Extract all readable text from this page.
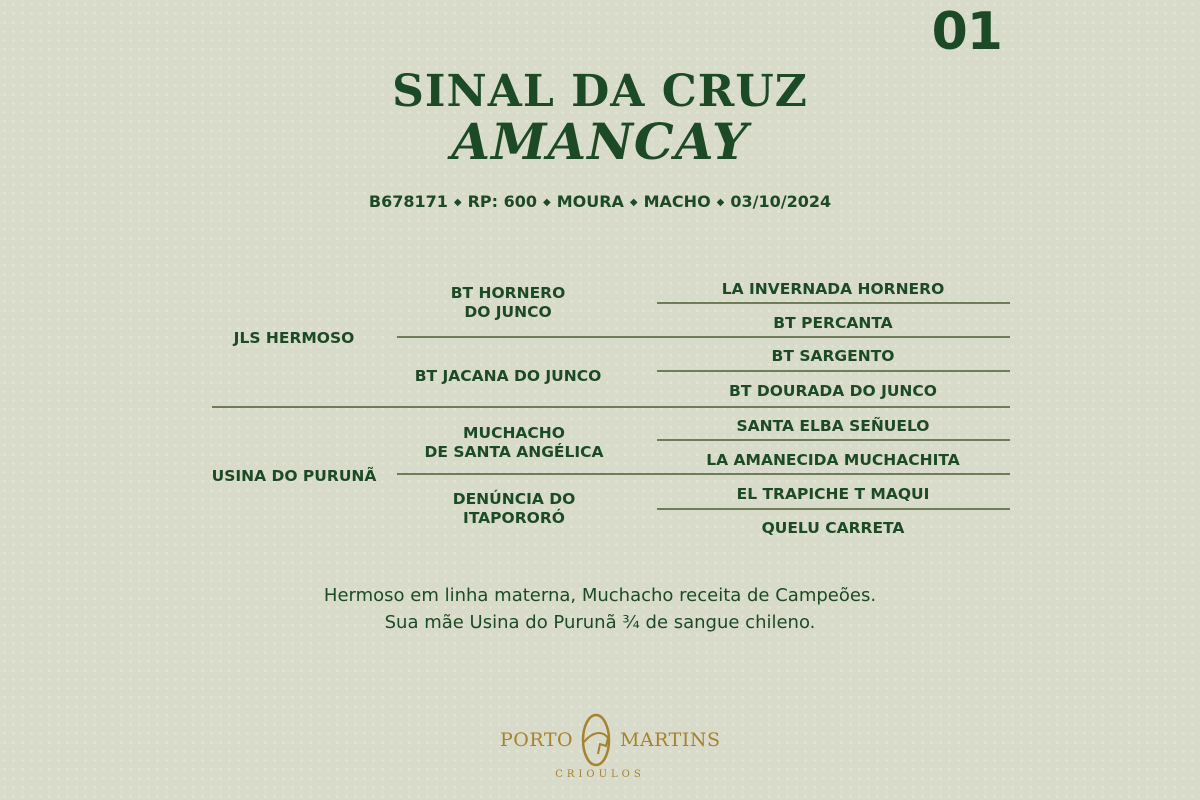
01
SINAL DA CRUZ
AMANCAY
B678171 ◆ RP: 600 ◆ MOURA ◆ MACHO ◆ 03/10/2024
JLS HERMOSO
USINA DO PURUNÃ
BT HORNERO
DO JUNCO
BT JACANA DO JUNCO
MUCHACHO
DE SANTA ANGÉLICA
DENÚNCIA DO
ITAPORORÓ
LA INVERNADA HORNERO
BT PERCANTA
BT SARGENTO
BT DOURADA DO JUNCO
SANTA ELBA SEÑUELO
LA AMANECIDA MUCHACHITA
EL TRAPICHE T MAQUI
QUELU CARRETA
Hermoso em linha materna, Muchacho receita de Campeões.
Sua mãe Usina do Purunã ¾ de sangue chileno.
PORTO MARTINS
CRIOULOS
